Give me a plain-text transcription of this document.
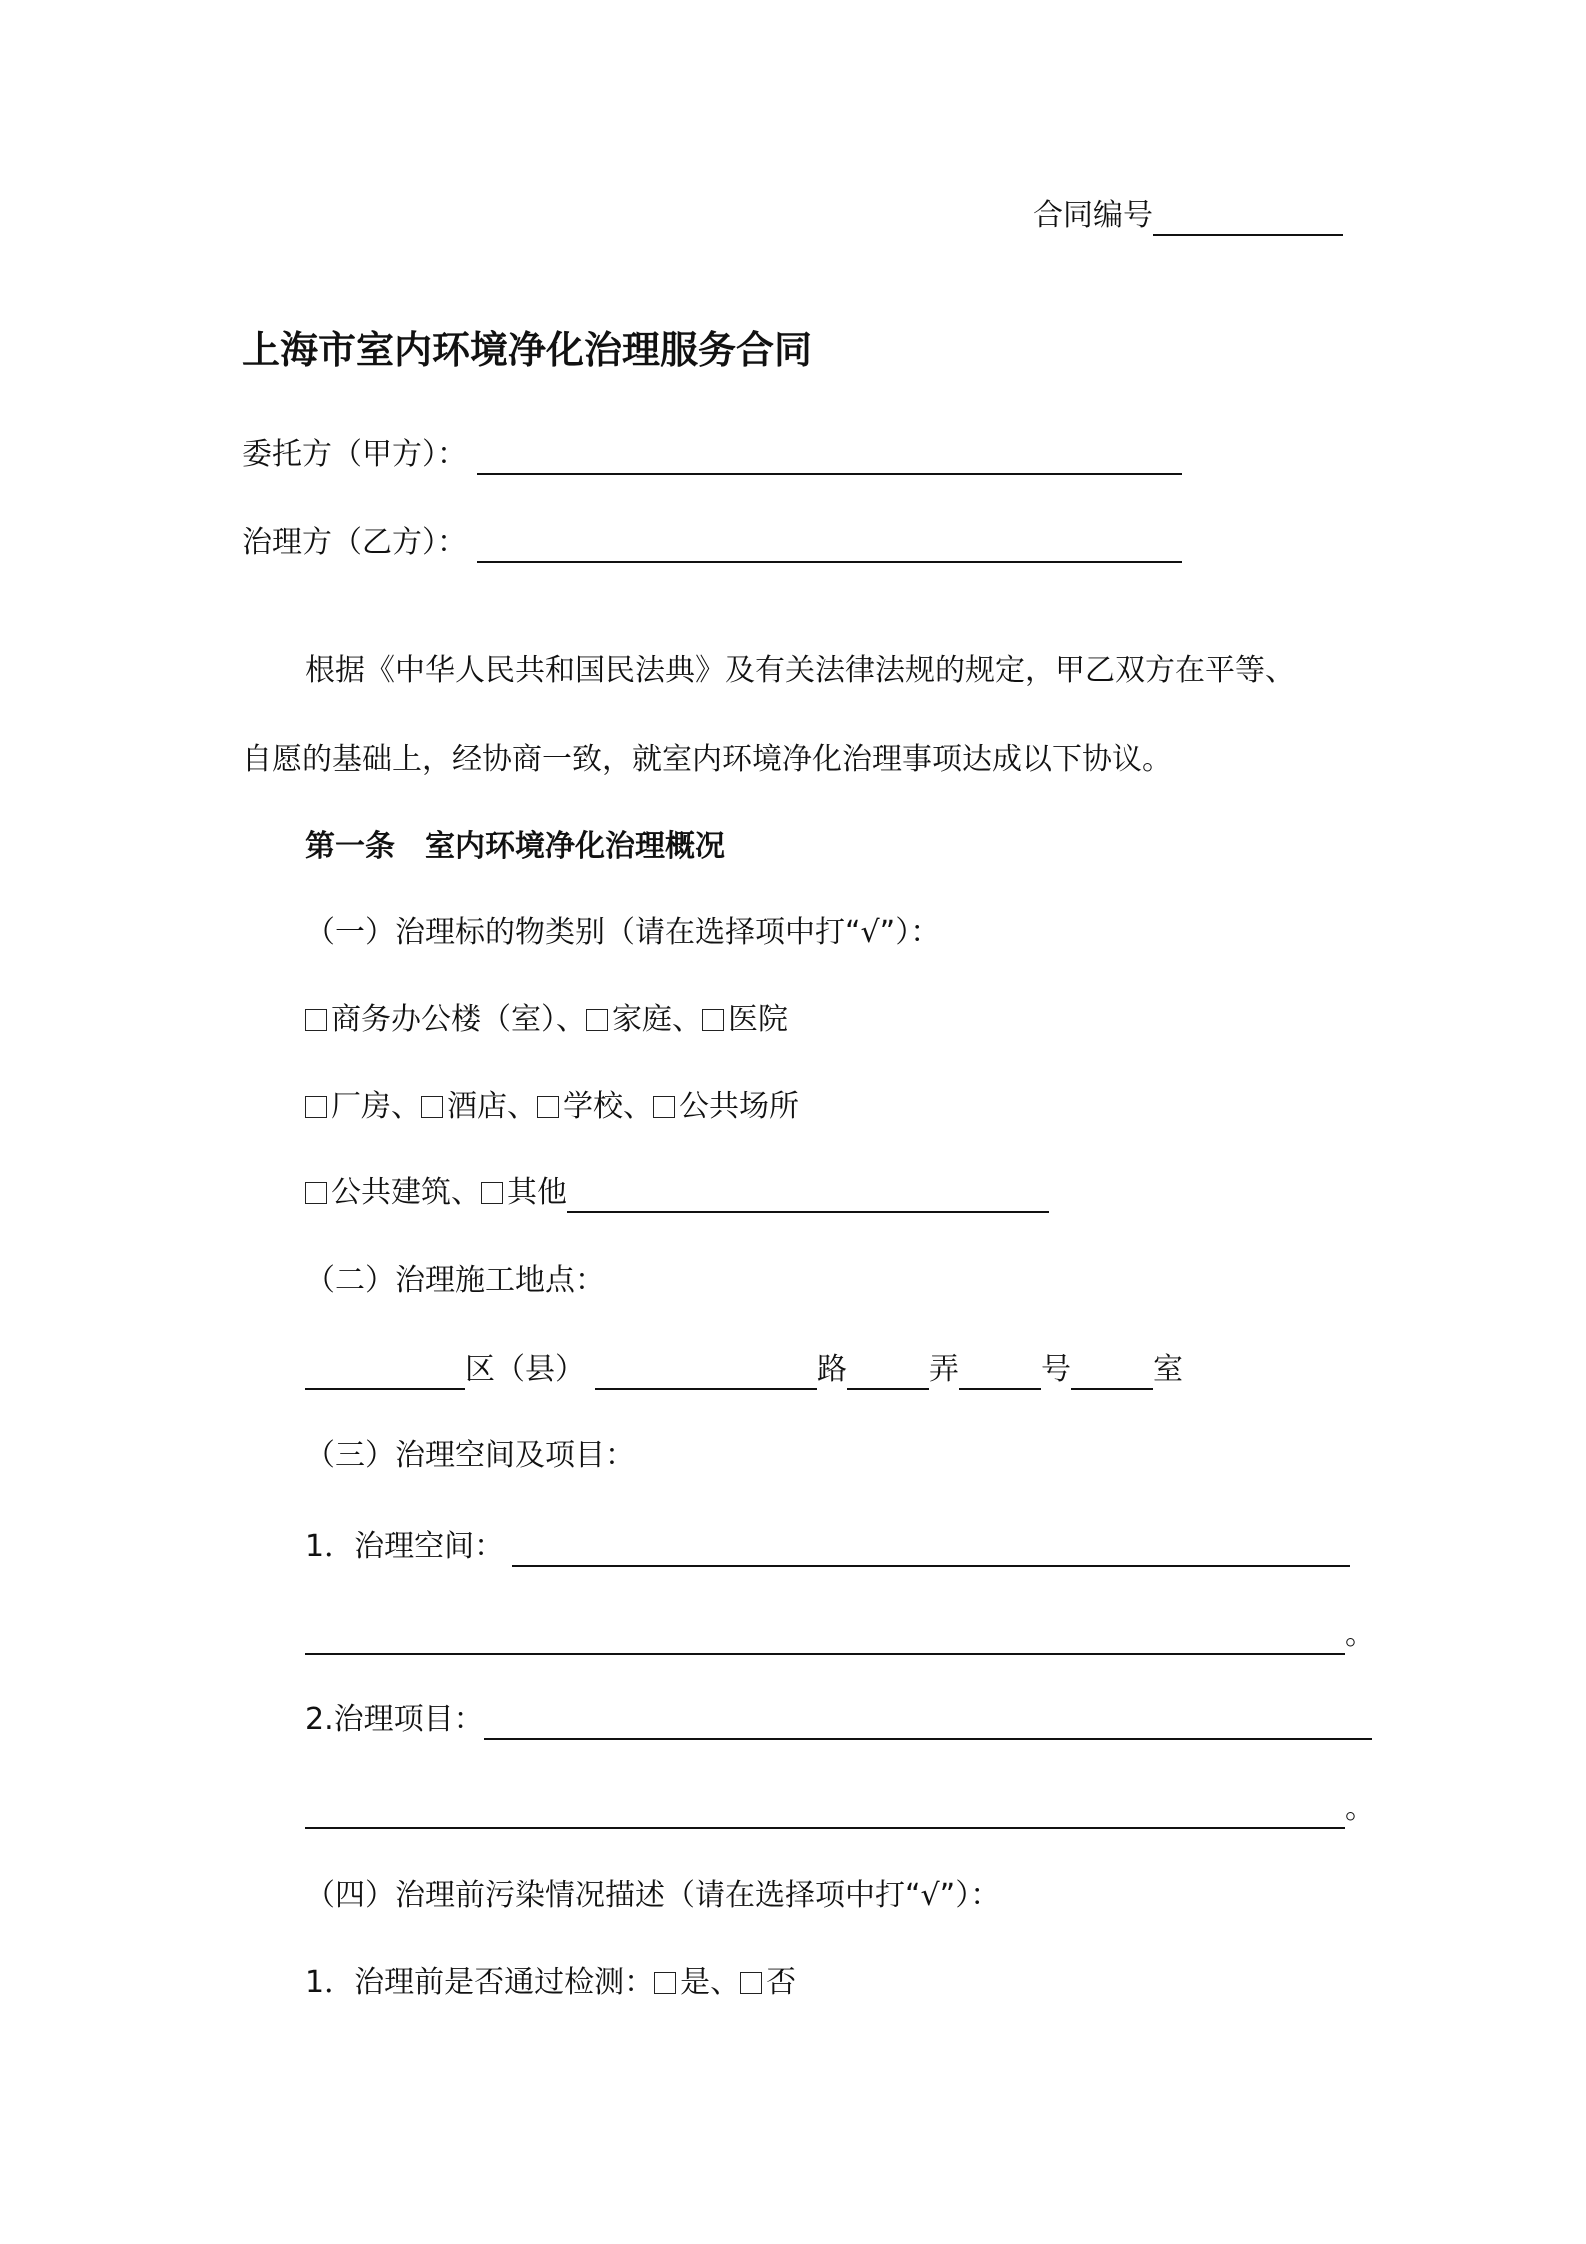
合同编号
上海市室内环境净化治理服务合同
委托方（甲方）：
治理方（乙方）：
根据《中华人民共和国民法典》及有关法律法规的规定，甲乙双方在平等、
自愿的基础上，经协商一致，就室内环境净化治理事项达成以下协议。
第一条 室内环境净化治理概况
（一）治理标的物类别（请在选择项中打“√”）：
商务办公楼（室）、 家庭、 医院
厂房、 酒店、 学校、 公共场所
公共建筑、 其他
（二）治理施工地点：
区（县）	路	弄	号	室
（三）治理空间及项目：
1．治理空间：
。
2.治理项目：
。
（四）治理前污染情况描述（请在选择项中打“√”）：
1．治理前是否通过检测： 是、 否
